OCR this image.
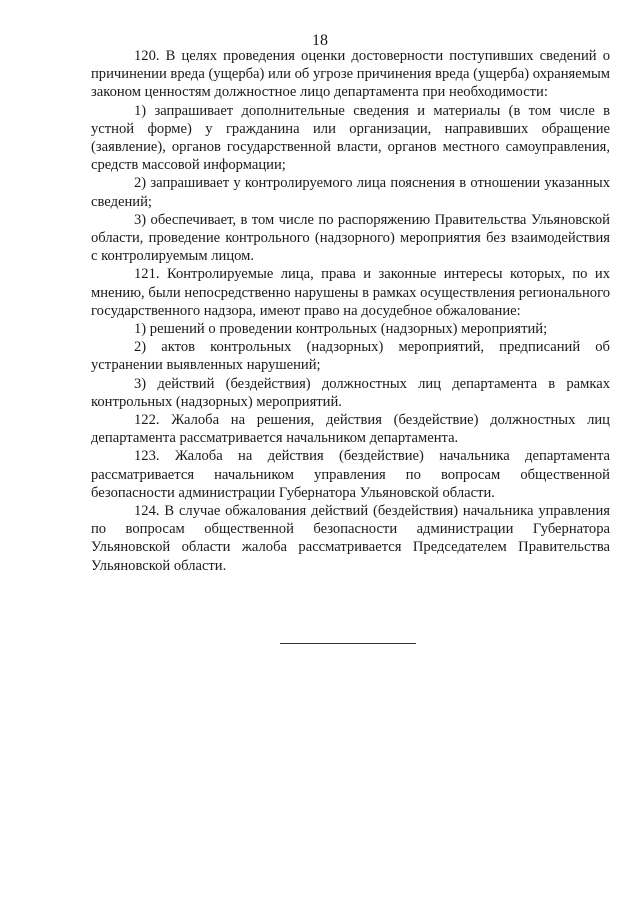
18

120. В целях проведения оценки достоверности поступивших сведений о причинении вреда (ущерба) или об угрозе причинения вреда (ущерба) охраняемым законом ценностям должностное лицо департамента при необходимости:

1) запрашивает дополнительные сведения и материалы (в том числе в устной форме) у гражданина или организации, направивших обращение (заявление), органов государственной власти, органов местного самоуправления, средств массовой информации;

2) запрашивает у контролируемого лица пояснения в отношении указанных сведений;

3) обеспечивает, в том числе по распоряжению Правительства Ульяновской области, проведение контрольного (надзорного) мероприятия без взаимодействия с контролируемым лицом.

121. Контролируемые лица, права и законные интересы которых, по их мнению, были непосредственно нарушены в рамках осуществления регионального государственного надзора, имеют право на досудебное обжалование:

1) решений о проведении контрольных (надзорных) мероприятий;

2) актов контрольных (надзорных) мероприятий, предписаний об устранении выявленных нарушений;

3) действий (бездействия) должностных лиц департамента в рамках контрольных (надзорных) мероприятий.

122. Жалоба на решения, действия (бездействие) должностных лиц департамента рассматривается начальником департамента.

123. Жалоба на действия (бездействие) начальника департамента рассматривается начальником управления по вопросам общественной безопасности администрации Губернатора Ульяновской области.

124. В случае обжалования действий (бездействия) начальника управления по вопросам общественной безопасности администрации Губернатора Ульяновской области жалоба рассматривается Председателем Правительства Ульяновской области.
